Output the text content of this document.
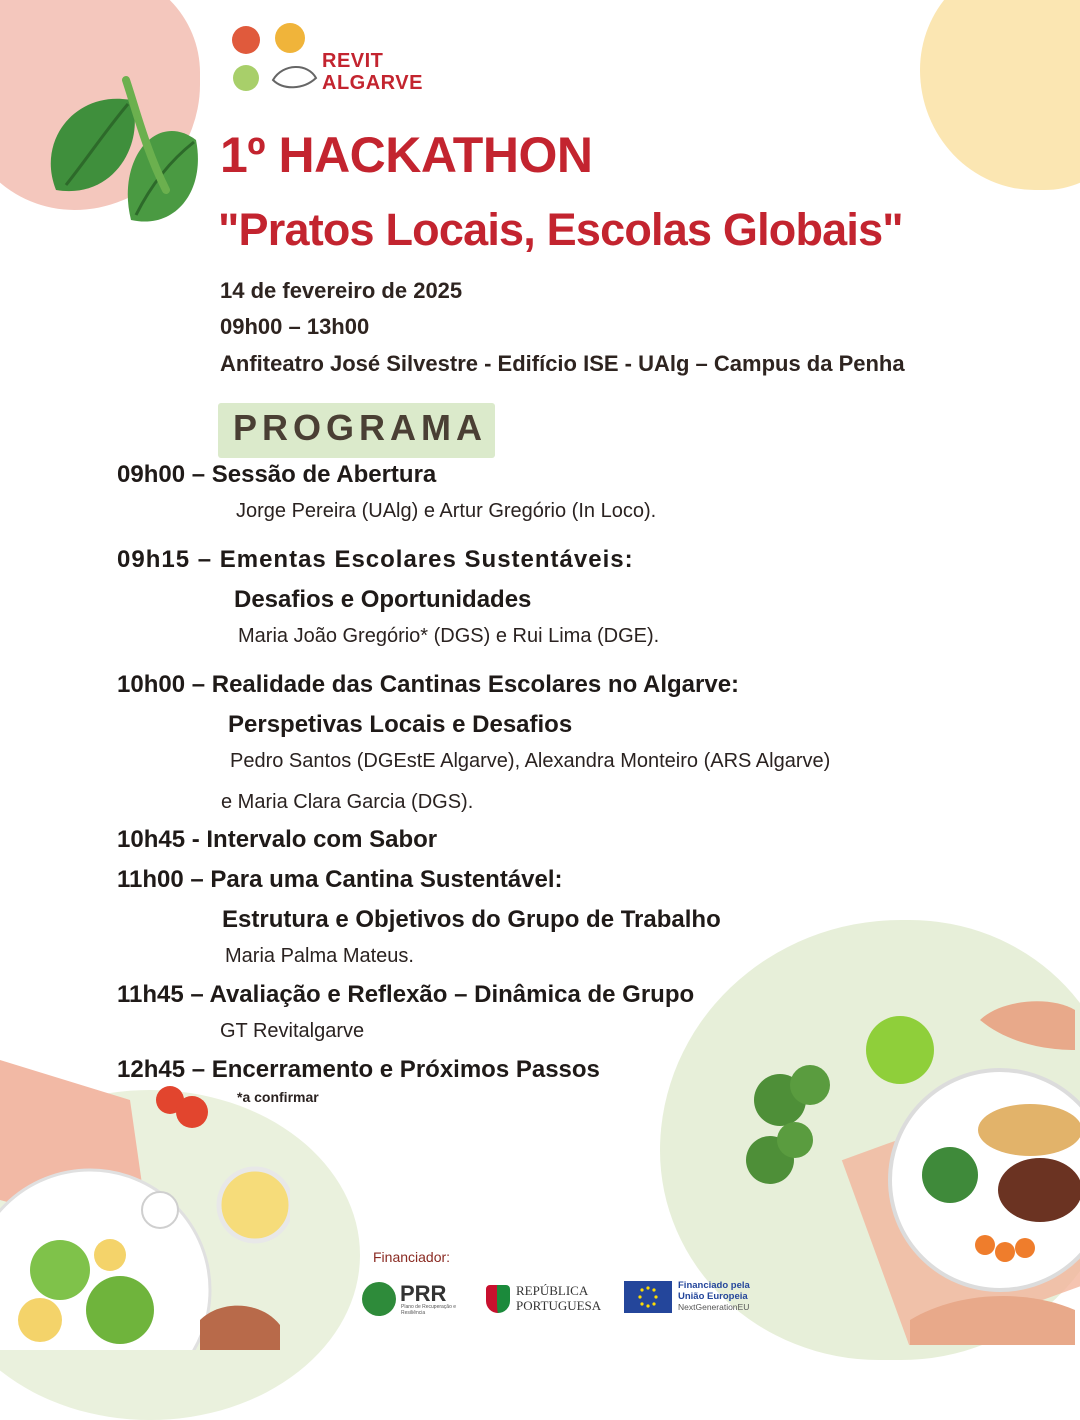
REVIT
ALGARVE
1º HACKATHON
"Pratos Locais, Escolas Globais"
14 de fevereiro de 2025
09h00 – 13h00
Anfiteatro José Silvestre - Edifício ISE - UAlg – Campus da Penha
PROGRAMA
09h00 – Sessão de Abertura
Jorge Pereira (UAlg) e Artur Gregório (In Loco).
09h15 – Ementas Escolares Sustentáveis:
Desafios e Oportunidades
Maria João Gregório* (DGS) e Rui Lima (DGE).
10h00 – Realidade das Cantinas Escolares no Algarve:
Perspetivas Locais e Desafios
Pedro Santos (DGEstE Algarve), Alexandra Monteiro (ARS Algarve)
e Maria Clara Garcia (DGS).
10h45 - Intervalo com Sabor
11h00 – Para uma Cantina Sustentável:
Estrutura e Objetivos do Grupo de Trabalho
Maria Palma Mateus.
11h45 – Avaliação e Reflexão – Dinâmica de Grupo
GT Revitalgarve
12h45 – Encerramento e Próximos Passos
*a confirmar
Financiador:
PRR
Plano de Recuperação e Resiliência
REPÚBLICA
PORTUGUESA
Financiado pela
União Europeia
NextGenerationEU
